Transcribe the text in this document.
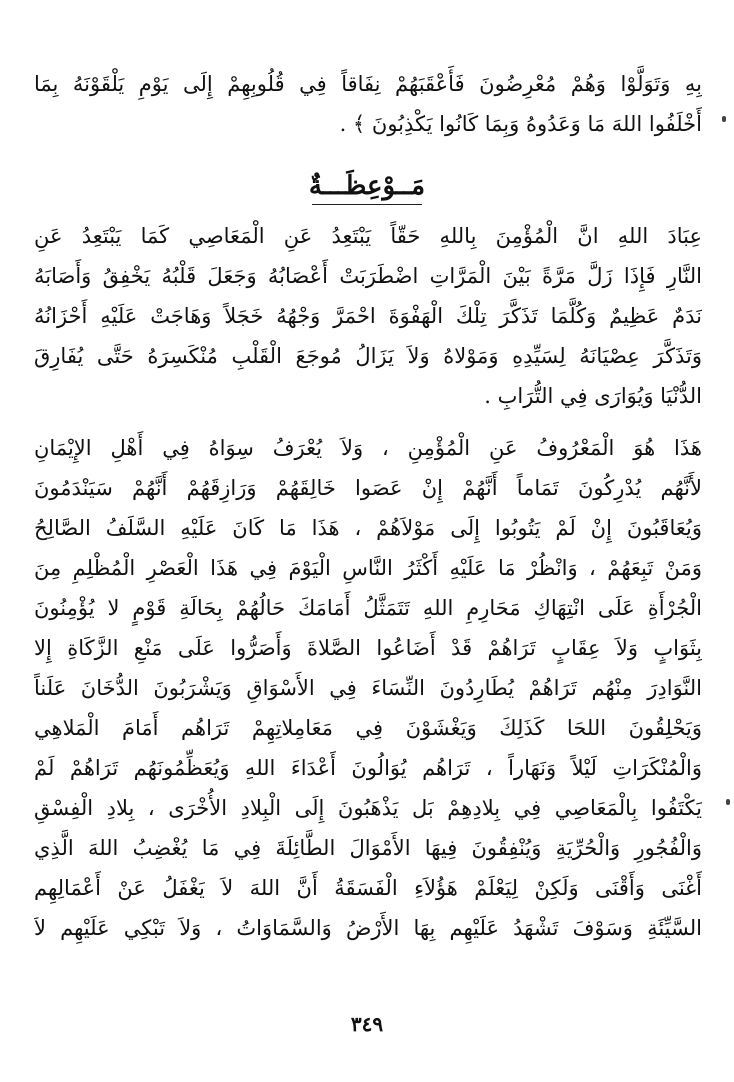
بِهِ وَتَوَلَّوْا وَهُمْ مُعْرِضُونَ فَأَعْقَبَهُمْ نِفَاقاً فِي قُلُوبِهِمْ إِلَى يَوْمِ يَلْقَوْنَهُ بِمَا
أَخْلَفُوا اللهَ مَا وَعَدُوهُ وَبِمَا كَانُوا يَكْذِبُونَ ﴾ .
مَــوْعِظَـــةٌ
عِبَادَ اللهِ انَّ الْمُؤْمِنَ بِاللهِ حَقّاً يَبْتَعِدُ عَنِ الْمَعَاصِي كَمَا يَبْتَعِدُ عَنِ
النَّارِ فَإِذَا زَلَّ مَرَّةً بَيْنَ الْمَرَّاتِ اضْطَرَبَتْ أَعْصَابُهُ وَجَعَلَ قَلْبُهُ يَخْفِقُ وَأَصَابَهُ
نَدَمٌ عَظِيمٌ وَكُلَّمَا تَذَكَّرَ تِلْكَ الْهَفْوَةَ احْمَرَّ وَجْهُهُ خَجَلاً وَهَاجَتْ عَلَيْهِ أَحْزَانُهُ
وَتَذَكَّرَ عِصْيَانَهُ لِسَيِّدِهِ وَمَوْلاهُ وَلاَ يَزَالُ مُوجَعَ الْقَلْبِ مُنْكَسِرَهُ حَتَّى يُفَارِقَ
الدُّنْيَا وَيُوَارَى فِي التُّرَابِ .
هَذَا هُوَ الْمَعْرُوفُ عَنِ الْمُؤْمِنِ ، وَلاَ يُعْرَفُ سِوَاهُ فِي أَهْلِ الإِيْمَانِ
لأَنَّهُم يُدْرِكُونَ تَمَاماً أَنَّهُمْ إِنْ عَصَوا خَالِقَهُمْ وَرَازِقَهُمْ أَنَّهُمْ سَيَنْدَمُونَ
وَيُعَاقَبُونَ إِنْ لَمْ يَتُوبُوا إِلَى مَوْلاَهُمْ ، هَذَا مَا كَانَ عَلَيْهِ السَّلَفُ الصَّالِحُ
وَمَنْ تَبِعَهُمْ ، وَانْظُرْ مَا عَلَيْهِ أَكْثَرُ النَّاسِ الْيَوْمَ فِي هَذَا الْعَصْرِ الْمُظْلِمِ مِنَ
الْجُرْأَةِ عَلَى انْتِهَاكِ مَحَارِمِ اللهِ تَتَمَثَّلُ أَمَامَكَ حَالُهُمْ بِحَالَةِ قَوْمٍ لا يُؤْمِنُونَ
بِثَوَابٍ وَلاَ عِقَابٍ تَرَاهُمْ قَدْ أَضَاعُوا الصَّلاةَ وَأَصَرُّوا عَلَى مَنْعِ الزَّكَاةِ إِلا
النَّوَادِرَ مِنْهُم تَرَاهُمْ يُطَارِدُونَ النِّسَاءَ فِي الأَسْوَاقِ وَيَشْرَبُونَ الدُّخَانَ عَلَناً
وَيَحْلِقُونَ اللحَا كَذَلِكَ وَيَغْشَوْنَ فِي مَعَامِلاتِهِمْ تَرَاهُم أَمَامَ الْمَلاهِي
وَالْمُنْكَرَاتِ لَيْلاً وَنَهَاراً ، تَرَاهُم يُوَالُونَ أَعْدَاءَ اللهِ وَيُعَظِّمُونَهُم تَرَاهُمْ لَمْ
يَكْتَفُوا بِالْمَعَاصِي فِي بِلادِهِمْ بَل يَذْهَبُونَ إِلَى الْبِلادِ الأُخْرَى ، بِلادِ الْفِسْقِ
وَالْفُجُورِ وَالْحُرِّيَةِ وَيُنْفِقُونَ فِيهَا الأَمْوَالَ الطَّائِلَةَ فِي مَا يُغْضِبُ اللهَ الَّذِي
أَغْنَى وَأَقْنَى وَلَكِنْ لِيَعْلَمْ هَؤُلاَءِ الْفَسَقَةُ أَنَّ اللهَ لاَ يَغْفَلُ عَنْ أَعْمَالِهِم
السَّيِّئَةِ وَسَوْفَ تَشْهَدُ عَلَيْهِم بِهَا الأَرْضُ وَالسَّمَاوَاتُ ، وَلاَ تَبْكِي عَلَيْهِم لاَ
٣٤٩
